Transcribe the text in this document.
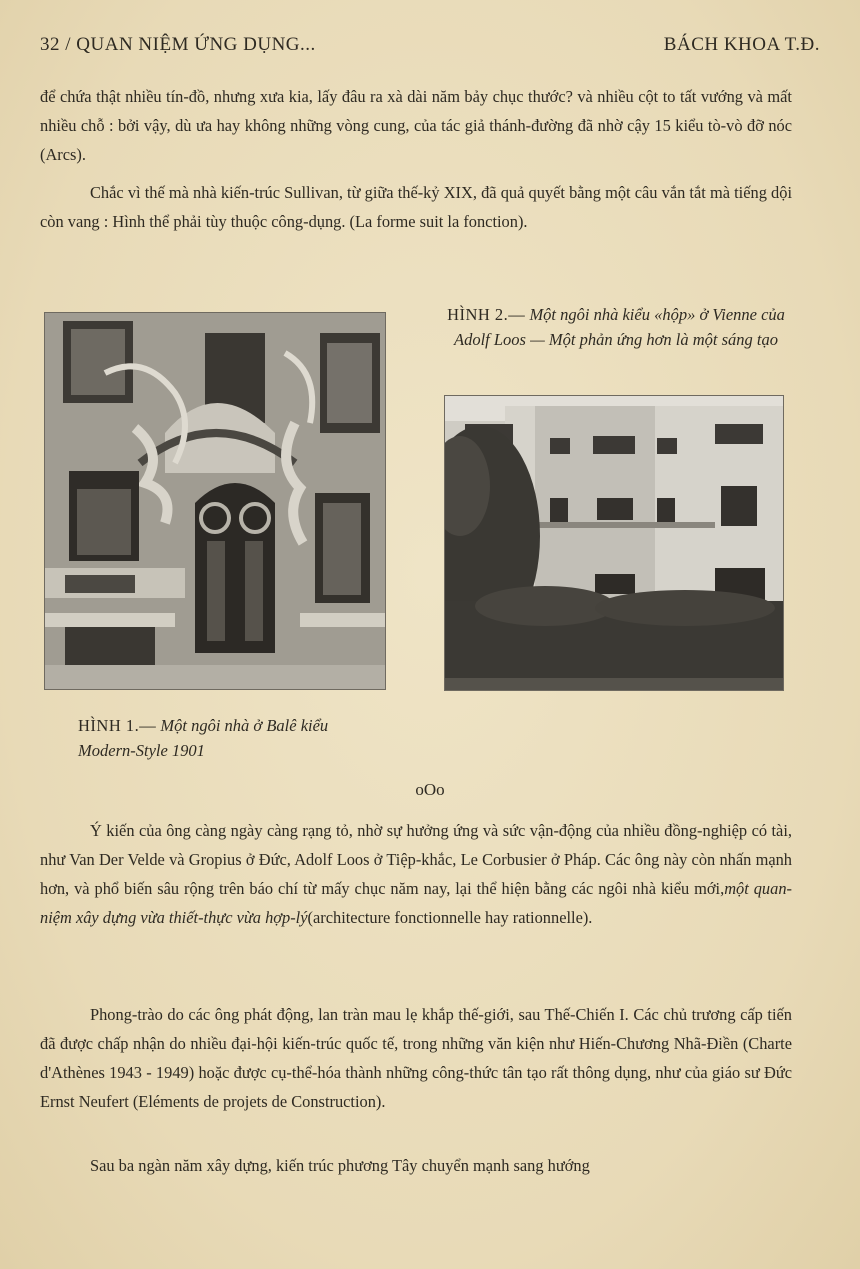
32 / QUAN NIỆM ỨNG DỤNG...	BÁCH KHOA T.Đ.

để chứa thật nhiều tín-đồ, nhưng xưa kia, lấy đâu ra xà dài năm bảy chục thước? và nhiều cột to tất vướng và mất nhiều chỗ : bởi vậy, dù ưa hay không những vòng cung, của tác giả thánh-đường đã nhờ cậy 15 kiểu tò-vò đỡ nóc (Arcs).

Chắc vì thế mà nhà kiến-trúc Sullivan, từ giữa thế-kỷ XIX, đã quả quyết bằng một câu vắn tắt mà tiếng dội còn vang : Hình thể phải tùy thuộc công-dụng. (La forme suit la fonction).

HÌNH 2.— Một ngôi nhà kiểu «hộp» ở Vienne của Adolf Loos — Một phản ứng hơn là một sáng tạo
HÌNH 1.— Một ngôi nhà ở Balê kiểu Modern-Style 1901
oOo

Ý kiến của ông càng ngày càng rạng tỏ, nhờ sự hưởng ứng và sức vận-động của nhiều đồng-nghiệp có tài, như Van Der Velde và Gropius ở Đức, Adolf Loos ở Tiệp-khắc, Le Corbusier ở Pháp. Các ông này còn nhấn mạnh hơn, và phổ biến sâu rộng trên báo chí từ mấy chục năm nay, lại thể hiện bằng các ngôi nhà kiểu mới,một quan-niệm xây dựng vừa thiết-thực vừa hợp-lý(architecture fonctionnelle hay rationnelle).

Phong-trào do các ông phát động, lan tràn mau lẹ khắp thế-giới, sau Thế-Chiến I. Các chủ trương cấp tiến đã được chấp nhận do nhiều đại-hội kiến-trúc quốc tế, trong những văn kiện như Hiến-Chương Nhã-Điền (Charte d'Athènes 1943 - 1949) hoặc được cụ-thể-hóa thành những công-thức tân tạo rất thông dụng, như của giáo sư Đức Ernst Neufert (Eléments de projets de Construction).

Sau ba ngàn năm xây dựng, kiến trúc phương Tây chuyển mạnh sang hướng
